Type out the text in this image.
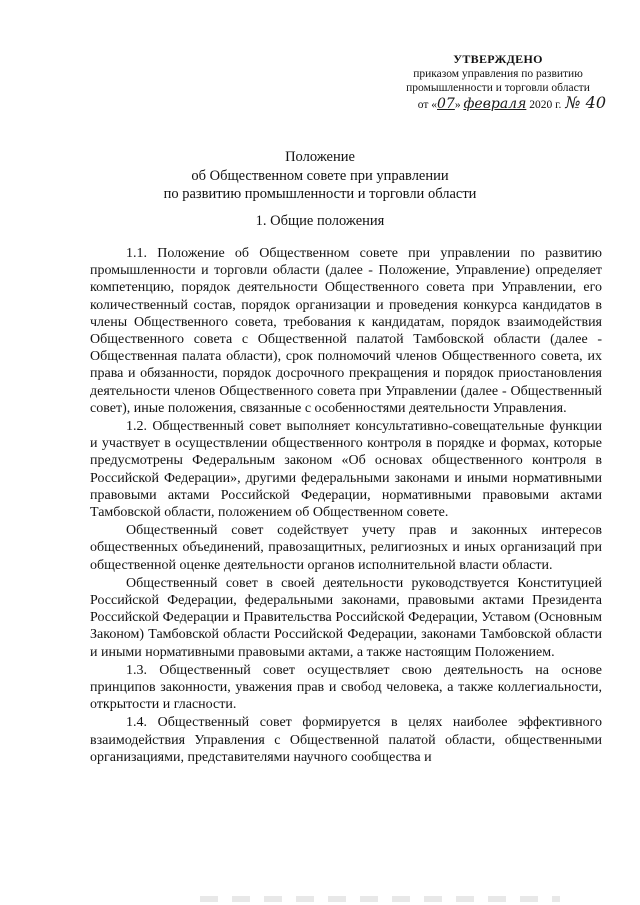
УТВЕРЖДЕНО
приказом управления по развитию
промышленности и торговли области
от «07» февраля 2020 г. № 40
Положение
об Общественном совете при управлении
по развитию промышленности и торговли области
1. Общие положения

1.1. Положение об Общественном совете при управлении по развитию промышленности и торговли области (далее - Положение, Управление) определяет компетенцию, порядок деятельности Общественного совета при Управлении, его количественный состав, порядок организации и проведения конкурса кандидатов в члены Общественного совета, требования к кандидатам, порядок взаимодействия Общественного совета с Общественной палатой Тамбовской области (далее - Общественная палата области), срок полномочий членов Общественного совета, их права и обязанности, порядок досрочного прекращения и порядок приостановления деятельности членов Общественного совета при Управлении (далее - Общественный совет), иные положения, связанные с особенностями деятельности Управления.

1.2. Общественный совет выполняет консультативно-совещательные функции и участвует в осуществлении общественного контроля в порядке и формах, которые предусмотрены Федеральным законом «Об основах общественного контроля в Российской Федерации», другими федеральными законами и иными нормативными правовыми актами Российской Федерации, нормативными правовыми актами Тамбовской области, положением об Общественном совете.

Общественный совет содействует учету прав и законных интересов общественных объединений, правозащитных, религиозных и иных организаций при общественной оценке деятельности органов исполнительной власти области.

Общественный совет в своей деятельности руководствуется Конституцией Российской Федерации, федеральными законами, правовыми актами Президента Российской Федерации и Правительства Российской Федерации, Уставом (Основным Законом) Тамбовской области Российской Федерации, законами Тамбовской области и иными нормативными правовыми актами, а также настоящим Положением.

1.3. Общественный совет осуществляет свою деятельность на основе принципов законности, уважения прав и свобод человека, а также коллегиальности, открытости и гласности.

1.4. Общественный совет формируется в целях наиболее эффективного взаимодействия Управления с Общественной палатой области, общественными организациями, представителями научного сообщества и
